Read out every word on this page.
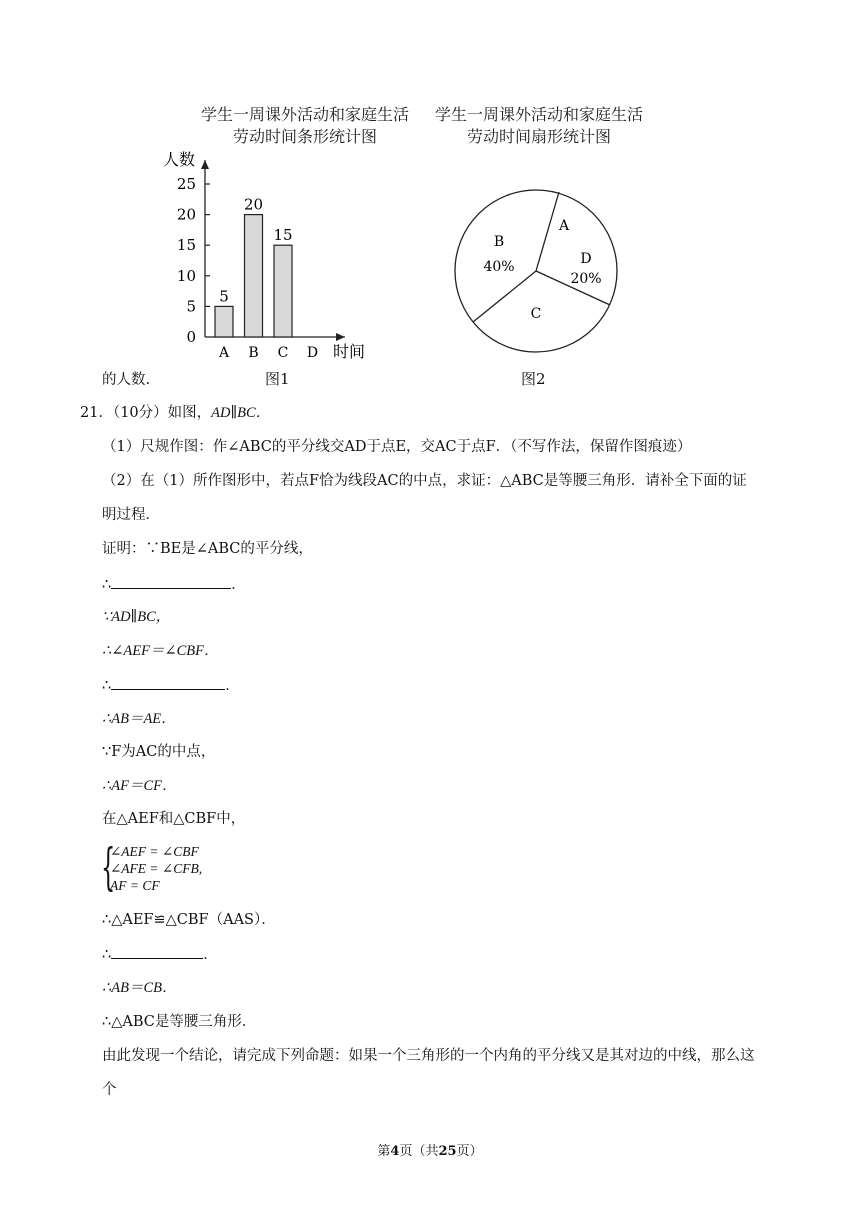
学生一周课外活动和家庭生活
劳动时间条形统计图
学生一周课外活动和家庭生活
劳动时间扇形统计图
0
5
10
15
20
25
A B C D
5
20
15
人数
时间
A
D
20%
C
B
40%
的人数.	图1	图2
21．（10分）如图，AD∥BC．
（1）尺规作图：作∠ABC的平分线交AD于点E，交AC于点F．（不写作法，保留作图痕迹）
（2）在（1）所作图形中，若点F恰为线段AC的中点，求证：△ABC是等腰三角形．请补全下面的证
明过程．
证明：∵BE是∠ABC的平分线，
∴	．
∵AD∥BC，
∴∠AEF＝∠CBF．
∴	．
∴AB＝AE．
∵F为AC的中点，
∴AF＝CF．
在△AEF和△CBF中，
{
∠AEF = ∠CBF
∠AFE = ∠CFB,
AF = CF
∴△AEF≌△CBF（AAS）．
∴	．
∴AB＝CB．
∴△ABC是等腰三角形．
由此发现一个结论，请完成下列命题：如果一个三角形的一个内角的平分线又是其对边的中线，那么这
个
第4页（共25页）
